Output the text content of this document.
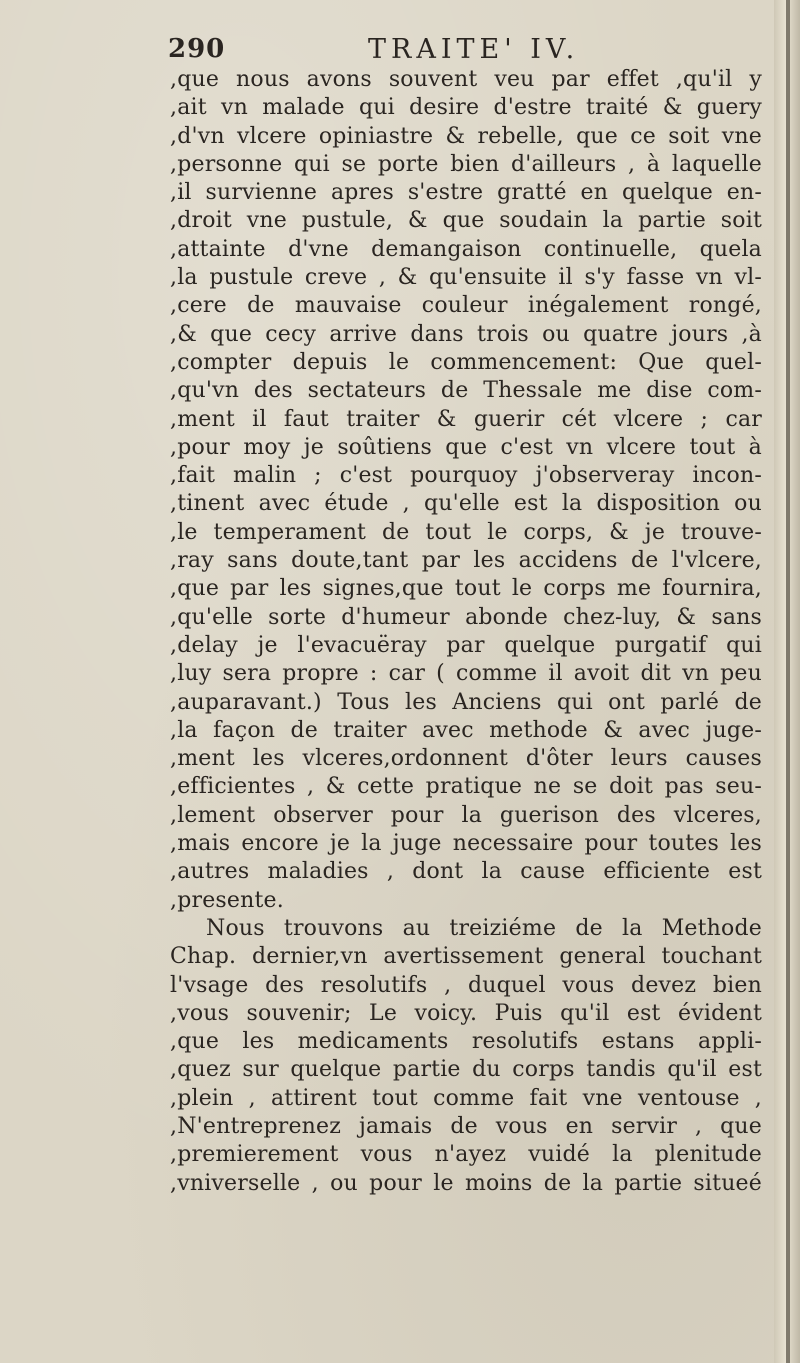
290	TRAITE' IV.
,que nous avons souvent veu par effet ,qu'il y
,ait vn malade qui desire d'estre traité & guery
,d'vn vlcere opiniastre & rebelle, que ce soit vne
,personne qui se porte bien d'ailleurs , à laquelle
,il survienne apres s'estre gratté en quelque en-
,droit vne pustule, & que soudain la partie soit
,attainte d'vne demangaison continuelle, quela
,la pustule creve , & qu'ensuite il s'y fasse vn vl-
,cere de mauvaise couleur inégalement rongé,
,& que cecy arrive dans trois ou quatre jours ,à
,compter depuis le commencement: Que quel-
,qu'vn des sectateurs de Thessale me dise com-
,ment il faut traiter & guerir cét vlcere ; car
,pour moy je soûtiens que c'est vn vlcere tout à
,fait malin ; c'est pourquoy j'observeray incon-
,tinent avec étude , qu'elle est la disposition ou
,le temperament de tout le corps, & je trouve-
,ray sans doute,tant par les accidens de l'vlcere,
,que par les signes,que tout le corps me fournira,
,qu'elle sorte d'humeur abonde chez-luy, & sans
,delay je l'evacuëray par quelque purgatif qui
,luy sera propre : car ( comme il avoit dit vn peu
,auparavant.) Tous les Anciens qui ont parlé de
,la façon de traiter avec methode & avec juge-
,ment les vlceres,ordonnent d'ôter leurs causes
,efficientes , & cette pratique ne se doit pas seu-
,lement observer pour la guerison des vlceres,
,mais encore je la juge necessaire pour toutes les
,autres maladies , dont la cause efficiente est
,presente.
Nous trouvons au treiziéme de la Methode
Chap. dernier,vn avertissement general touchant
l'vsage des resolutifs , duquel vous devez bien
,vous souvenir; Le voicy. Puis qu'il est évident
,que les medicaments resolutifs estans appli-
,quez sur quelque partie du corps tandis qu'il est
,plein , attirent tout comme fait vne ventouse ,
,N'entreprenez jamais de vous en servir , que
,premierement vous n'ayez vuidé la plenitude
,vniverselle , ou pour le moins de la partie situeé
